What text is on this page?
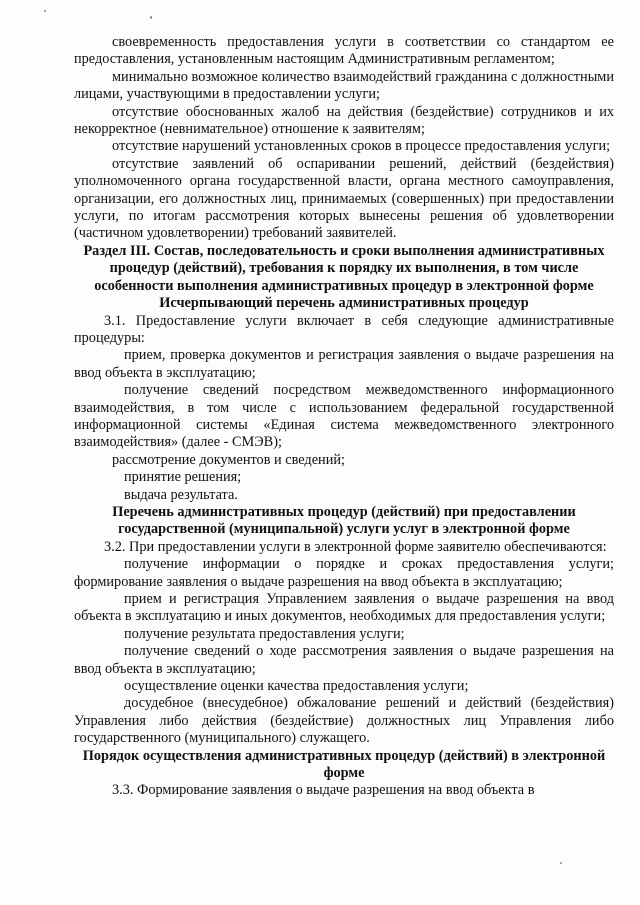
своевременность предоставления услуги в соответствии со стандартом ее предоставления, установленным настоящим Административным регламентом;

минимально возможное количество взаимодействий гражданина с должностными лицами, участвующими в предоставлении услуги;

отсутствие обоснованных жалоб на действия (бездействие) сотрудников и их некорректное (невнимательное) отношение к заявителям;

отсутствие нарушений установленных сроков в процессе предоставления услуги;

отсутствие заявлений об оспаривании решений, действий (бездействия) уполномоченного органа государственной власти, органа местного самоуправления, организации, его должностных лиц, принимаемых (совершенных) при предоставлении услуги, по итогам рассмотрения которых вынесены решения об удовлетворении (частичном удовлетворении) требований заявителей.

Раздел III. Состав, последовательность и сроки выполнения административных процедур (действий), требования к порядку их выполнения, в том числе особенности выполнения административных процедур в электронной форме
Исчерпывающий перечень административных процедур

3.1. Предоставление услуги включает в себя следующие административные процедуры:

прием, проверка документов и регистрация заявления о выдаче разрешения на ввод объекта в эксплуатацию;

получение сведений посредством межведомственного информационного взаимодействия, в том числе с использованием федеральной государственной информационной системы «Единая система межведомственного электронного взаимодействия» (далее - СМЭВ);

рассмотрение документов и сведений;

принятие решения;

выдача результата.

Перечень административных процедур (действий) при предоставлении государственной (муниципальной) услуги услуг в электронной форме

3.2. При предоставлении услуги в электронной форме заявителю обеспечиваются:

получение информации о порядке и сроках предоставления услуги; формирование заявления о выдаче разрешения на ввод объекта в эксплуатацию;

прием и регистрация Управлением заявления о выдаче разрешения на ввод объекта в эксплуатацию и иных документов, необходимых для предоставления услуги;

получение результата предоставления услуги;

получение сведений о ходе рассмотрения заявления о выдаче разрешения на ввод объекта в эксплуатацию;

осуществление оценки качества предоставления услуги;

досудебное (внесудебное) обжалование решений и действий (бездействия) Управления либо действия (бездействие) должностных лиц Управления либо государственного (муниципального) служащего.

Порядок осуществления административных процедур (действий) в электронной форме

3.3. Формирование заявления о выдаче разрешения на ввод объекта в
